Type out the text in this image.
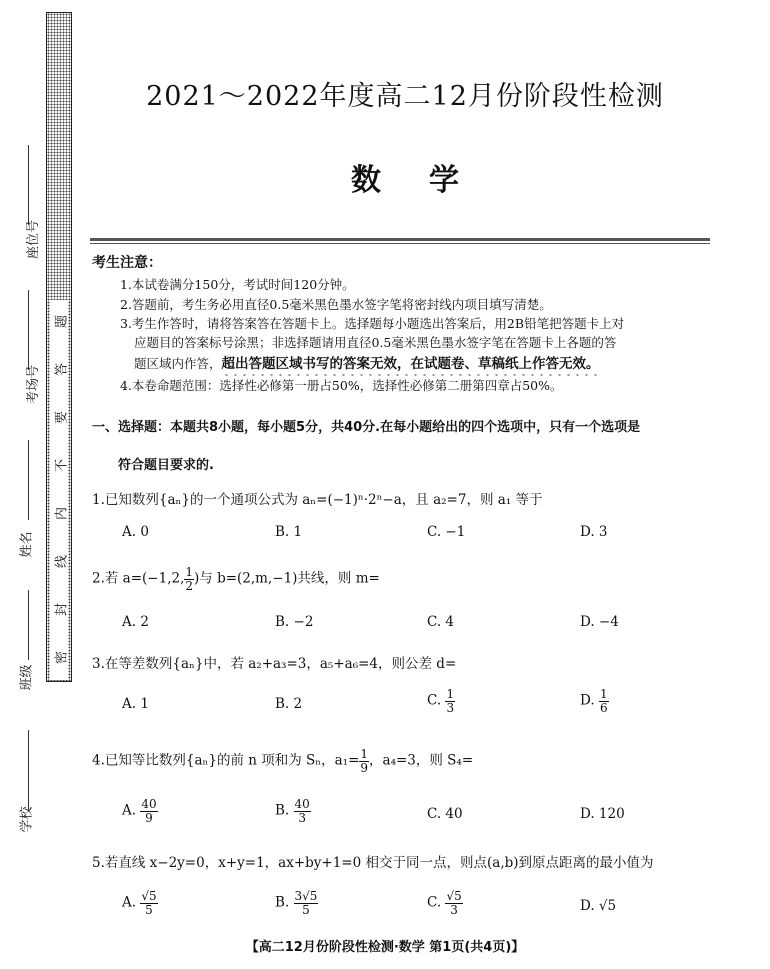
题
答
要
不
内
线
封
密
座位号
考场号
姓名
班级
学校
2021～2022年度高二12月份阶段性检测
数 学
考生注意：
1.本试卷满分150分，考试时间120分钟。
2.答题前，考生务必用直径0.5毫米黑色墨水签字笔将密封线内项目填写清楚。
3.考生作答时，请将答案答在答题卡上。选择题每小题选出答案后，用2B铅笔把答题卡上对
应题目的答案标号涂黑；非选择题请用直径0.5毫米黑色墨水签字笔在答题卡上各题的答
题区域内作答，超出答题区域书写的答案无效，在试题卷、草稿纸上作答无效。
4.本卷命题范围：选择性必修第一册占50%，选择性必修第二册第四章占50%。
一、选择题：本题共8小题，每小题5分，共40分.在每小题给出的四个选项中，只有一个选项是
符合题目要求的.
1.已知数列{aₙ}的一个通项公式为 aₙ=(−1)ⁿ·2ⁿ−a，且 a₂=7，则 a₁ 等于
A. 0	B. 1	C. −1	D. 3
2.若 a=(−1,2, $\frac{1}{2}$ )与 b=(2,m,−1)共线，则 m=
A. 2	B. −2	C. 4	D. −4
3.在等差数列{aₙ}中，若 a₂+a₃=3，a₅+a₆=4，则公差 d=
A. 1	B. 2	C. $\frac{1}{3}$	D. $\frac{1}{6}$
4.已知等比数列{aₙ}的前 n 项和为 Sₙ，$a_1= \frac{1}{9}$ ，a₄=3，则 S₄=
A. $\frac{40}{9}$	B. $\frac{40}{3}$	C. 40	D. 120
5.若直线 x−2y=0，x+y=1，ax+by+1=0 相交于同一点，则点(a,b)到原点距离的最小值为
A. $\frac{√5}{5}$	B. $\frac{3√5}{5}$	C. $\frac{√5}{3}$	D. √5
【高二12月份阶段性检测·数学 第1页(共4页)】
